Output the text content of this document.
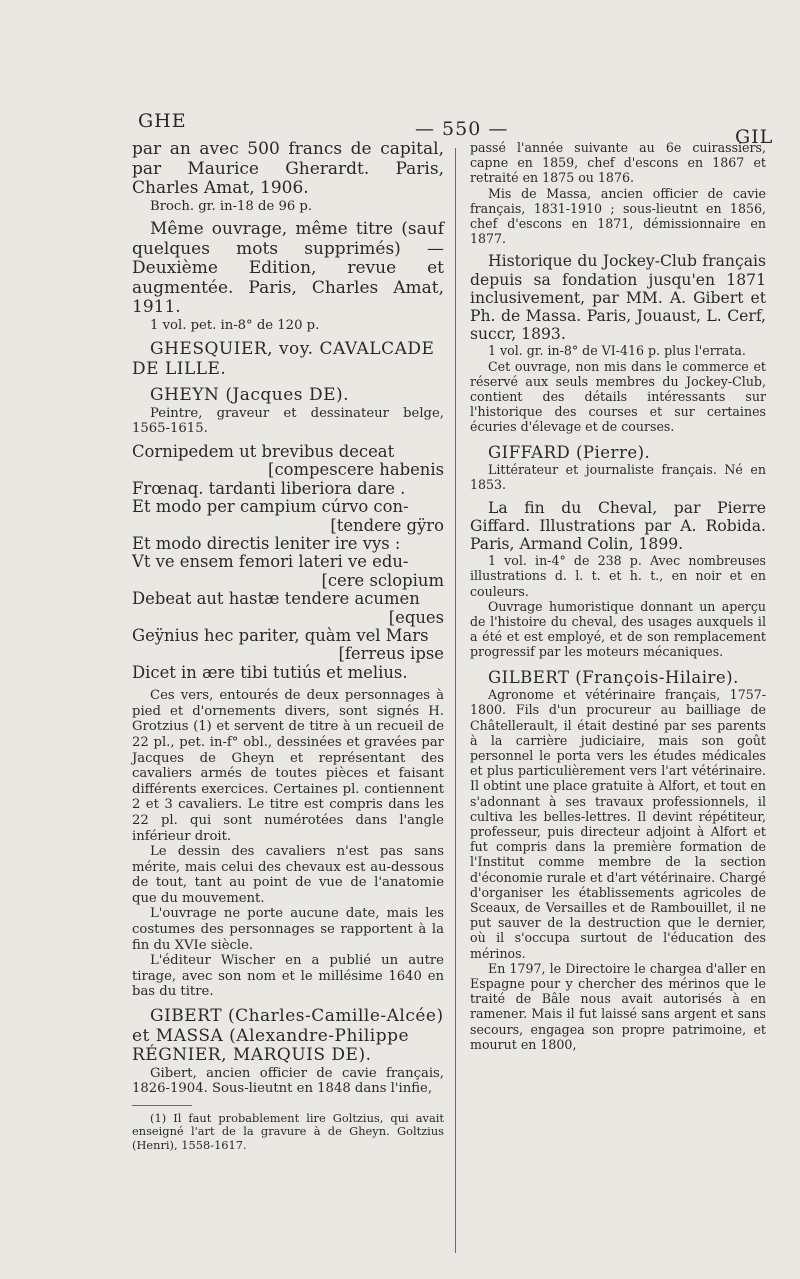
GHE	— 550 —	GIL

par an avec 500 francs de capital, par Maurice Gherardt. Paris, Charles Amat, 1906.

Broch. gr. in-18 de 96 p.

Même ouvrage, même titre (sauf quelques mots supprimés) — Deuxième Edition, revue et augmentée. Paris, Charles Amat, 1911.

1 vol. pet. in-8° de 120 p.

GHESQUIER, voy. CAVALCADE DE LILLE.

GHEYN (Jacques DE).

Peintre, graveur et dessinateur belge, 1565-1615.

Cornipedem ut brevibus deceat
[compescere habenis
Frœnaq. tardanti liberiora dare .
Et modo per campium cúrvo con-
[tendere gÿro
Et modo directis leniter ire vys :
Vt ve ensem femori lateri ve edu-
[cere sclopium
Debeat aut hastæ tendere acumen
[eques
Geÿnius hec pariter, quàm vel Mars
[ferreus ipse
Dicet in ære tibi tutiús et melius.

Ces vers, entourés de deux personnages à pied et d'ornements divers, sont signés H. Grotzius (1) et servent de titre à un recueil de 22 pl., pet. in-f° obl., dessinées et gravées par Jacques de Gheyn et représentant des cavaliers armés de toutes pièces et faisant différents exercices. Certaines pl. contiennent 2 et 3 cavaliers. Le titre est compris dans les 22 pl. qui sont numérotées dans l'angle inférieur droit.

Le dessin des cavaliers n'est pas sans mérite, mais celui des chevaux est au-dessous de tout, tant au point de vue de l'anatomie que du mouvement.

L'ouvrage ne porte aucune date, mais les costumes des personnages se rapportent à la fin du XVIe siècle.

L'éditeur Wischer en a publié un autre tirage, avec son nom et le millésime 1640 en bas du titre.

GIBERT (Charles-Camille-Alcée) et MASSA (Alexandre-Philippe RÉGNIER, MARQUIS DE).

Gibert, ancien officier de cavie français, 1826-1904. Sous-lieutnt en 1848 dans l'infie,

(1) Il faut probablement lire Goltzius, qui avait enseigné l'art de la gravure à de Gheyn. Goltzius (Henri), 1558-1617.

passé l'année suivante au 6e cuirassiers, capne en 1859, chef d'escons en 1867 et retraité en 1875 ou 1876.

Mis de Massa, ancien officier de cavie français, 1831-1910 ; sous-lieutnt en 1856, chef d'escons en 1871, démissionnaire en 1877.

Historique du Jockey-Club français depuis sa fondation jusqu'en 1871 inclusivement, par MM. A. Gibert et Ph. de Massa. Paris, Jouaust, L. Cerf, succr, 1893.

1 vol. gr. in-8° de VI-416 p. plus l'errata.

Cet ouvrage, non mis dans le commerce et réservé aux seuls membres du Jockey-Club, contient des détails intéressants sur l'historique des courses et sur certaines écuries d'élevage et de courses.

GIFFARD (Pierre).

Littérateur et journaliste français. Né en 1853.

La fin du Cheval, par Pierre Giffard. Illustrations par A. Robida. Paris, Armand Colin, 1899.

1 vol. in-4° de 238 p. Avec nombreuses illustrations d. l. t. et h. t., en noir et en couleurs.

Ouvrage humoristique donnant un aperçu de l'histoire du cheval, des usages auxquels il a été et est employé, et de son remplacement progressif par les moteurs mécaniques.

GILBERT (François-Hilaire).

Agronome et vétérinaire français, 1757-1800. Fils d'un procureur au bailliage de Châtellerault, il était destiné par ses parents à la carrière judiciaire, mais son goût personnel le porta vers les études médicales et plus particulièrement vers l'art vétérinaire. Il obtint une place gratuite à Alfort, et tout en s'adonnant à ses travaux professionnels, il cultiva les belles-lettres. Il devint répétiteur, professeur, puis directeur adjoint à Alfort et fut compris dans la première formation de l'Institut comme membre de la section d'économie rurale et d'art vétérinaire. Chargé d'organiser les établissements agricoles de Sceaux, de Versailles et de Rambouillet, il ne put sauver de la destruction que le dernier, où il s'occupa surtout de l'éducation des mérinos.

En 1797, le Directoire le chargea d'aller en Espagne pour y chercher des mérinos que le traité de Bâle nous avait autorisés à en ramener. Mais il fut laissé sans argent et sans secours, engagea son propre patrimoine, et mourut en 1800,
